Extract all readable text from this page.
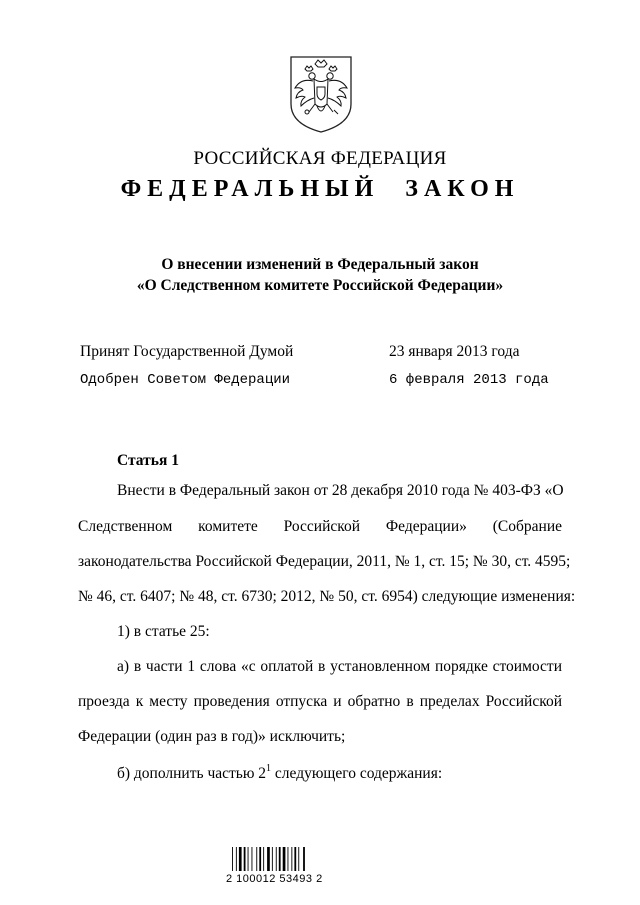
РОССИЙСКАЯ ФЕДЕРАЦИЯ
ФЕДЕРАЛЬНЫЙ ЗАКОН
О внесении изменений в Федеральный закон
«О Следственном комитете Российской Федерации»
Принят Государственной Думой	23 января 2013 года
Одобрен Советом Федерации	6 февраля 2013 года
Статья 1
Внести в Федеральный закон от 28 декабря 2010 года № 403-ФЗ «О
Следственном комитете Российской Федерации» (Собрание
законодательства Российской Федерации, 2011, № 1, ст. 15; № 30, ст. 4595;
№ 46, ст. 6407; № 48, ст. 6730; 2012, № 50, ст. 6954) следующие изменения:
1) в статье 25:
а) в части 1 слова «с оплатой в установленном порядке стоимости
проезда к месту проведения отпуска и обратно в пределах Российской
Федерации (один раз в год)» исключить;
б) дополнить частью $2^1$ следующего содержания:
2 100012 53493 2
